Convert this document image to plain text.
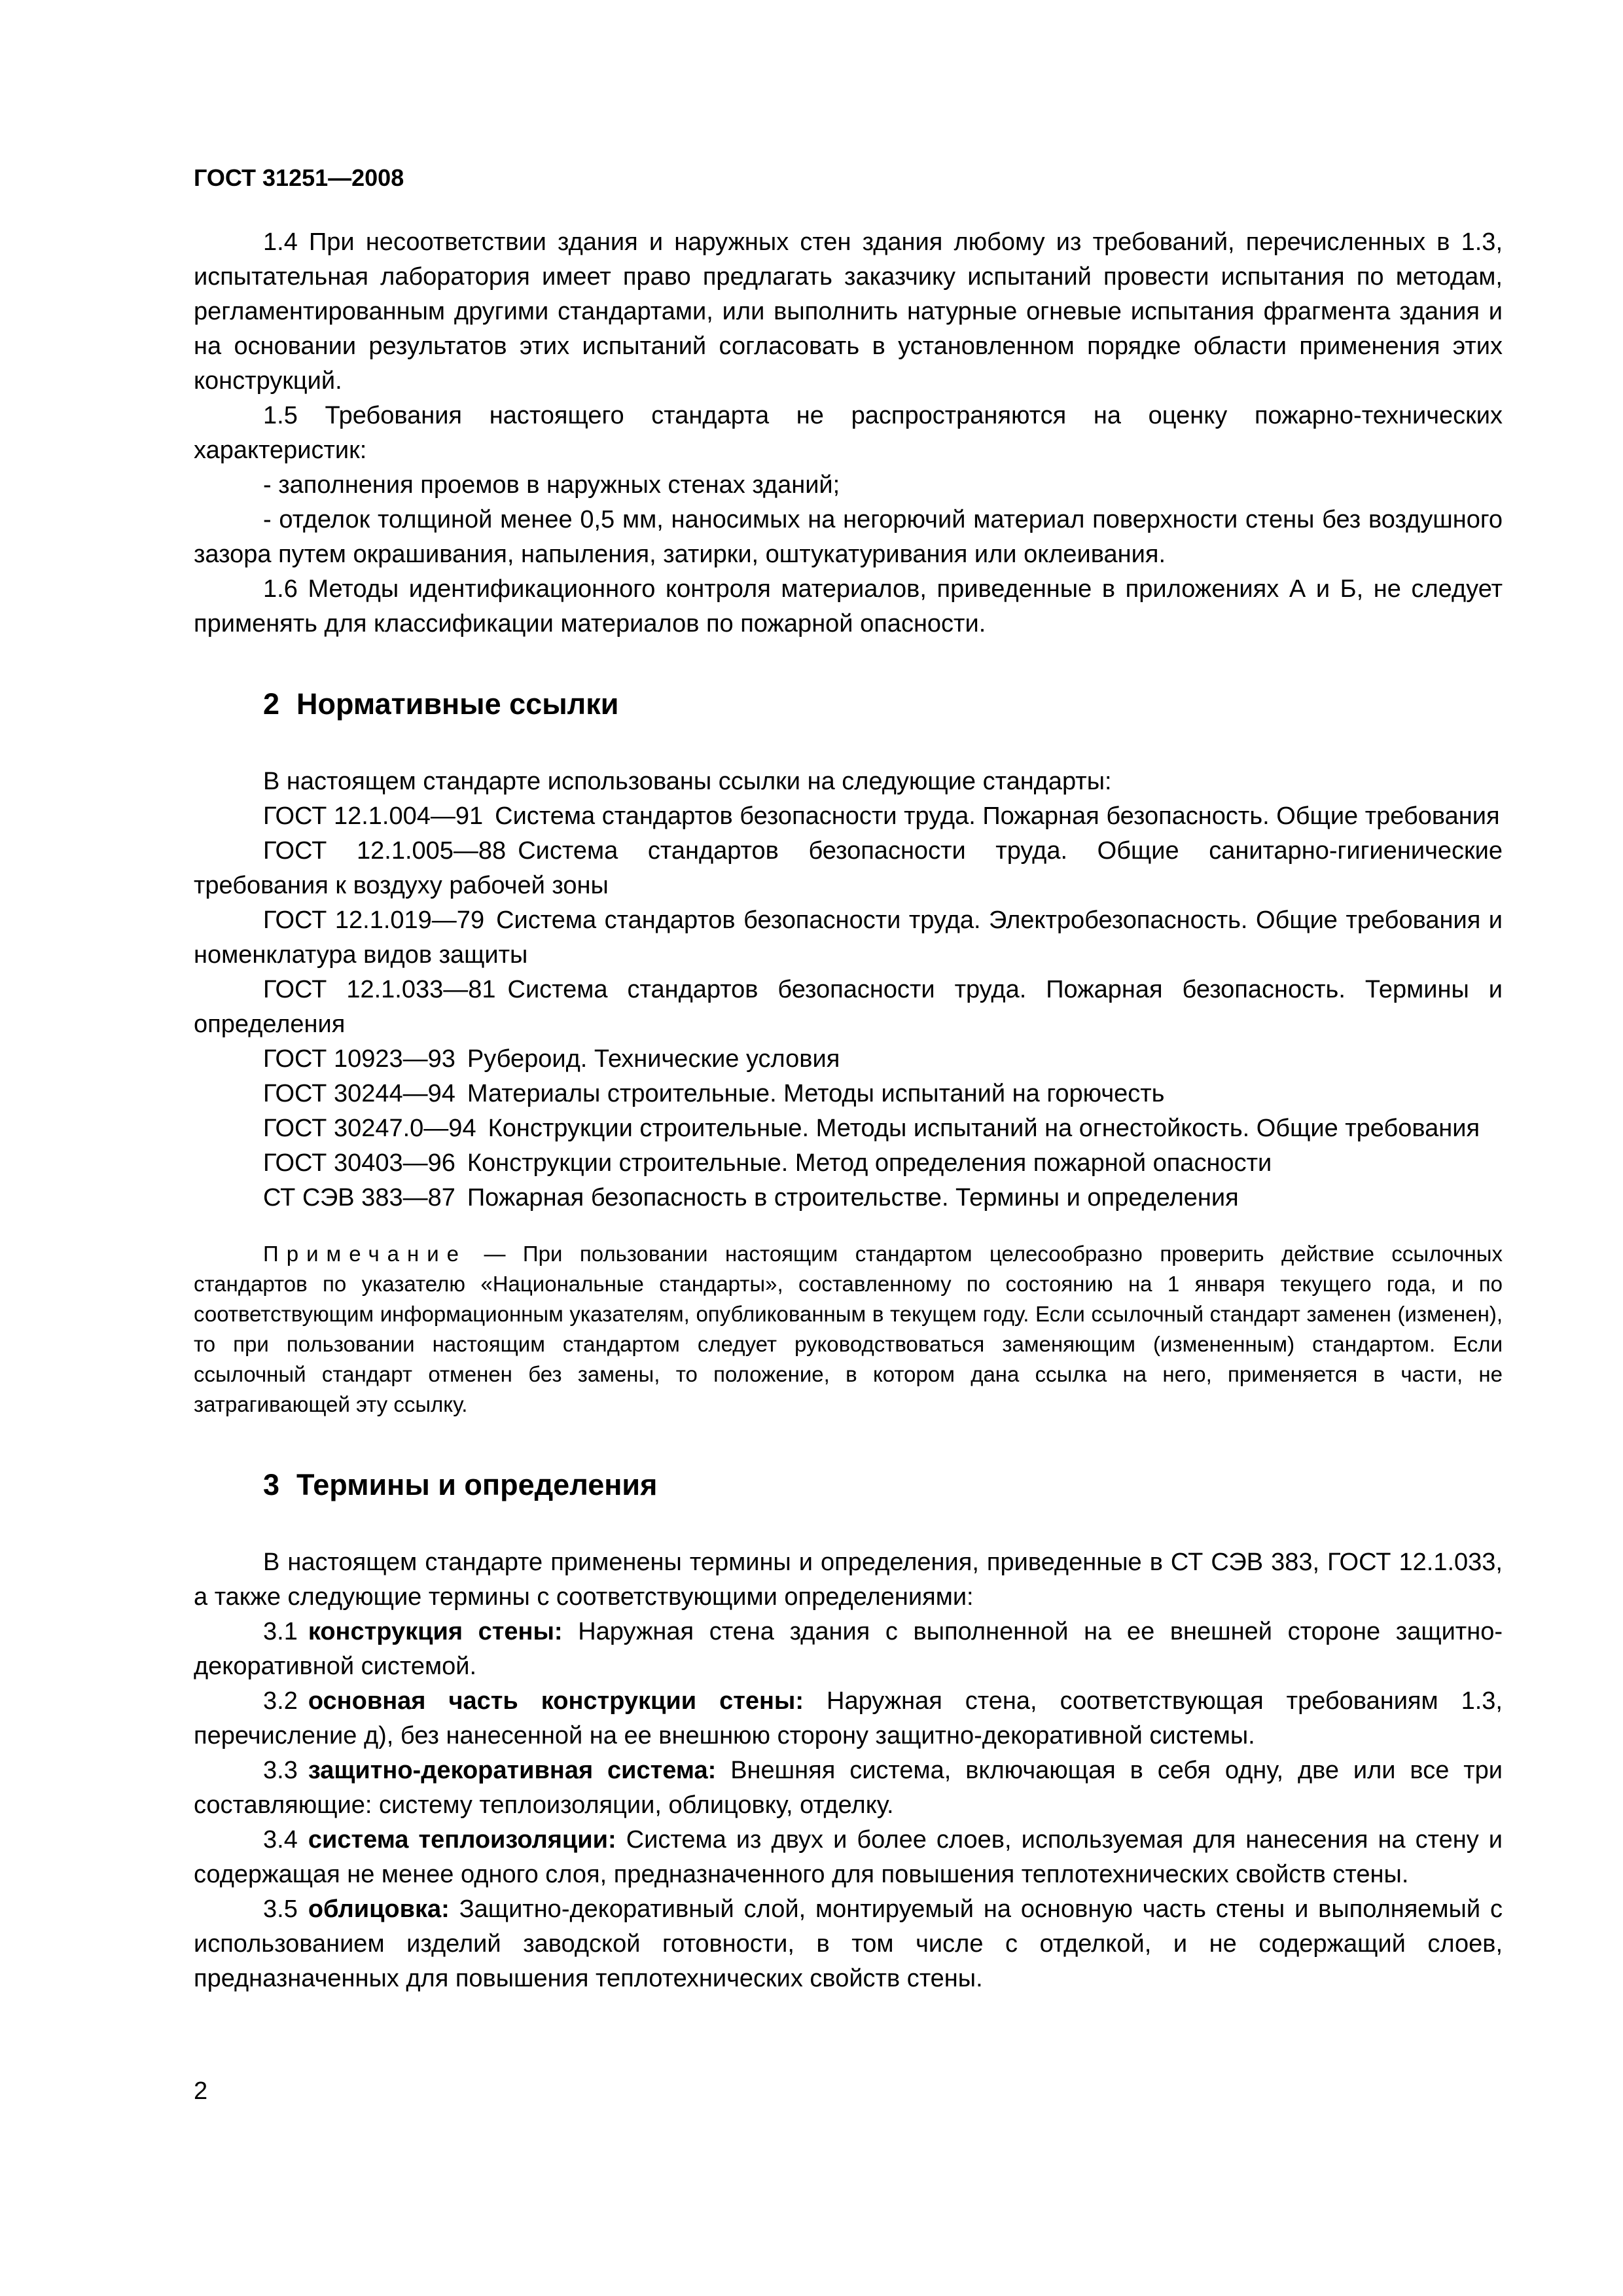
ГОСТ 31251—2008

1.4 При несоответствии здания и наружных стен здания любому из требований, перечисленных в 1.3, испытательная лаборатория имеет право предлагать заказчику испытаний провести испытания по методам, регламентированным другими стандартами, или выполнить натурные огневые испытания фрагмента здания и на основании результатов этих испытаний согласовать в установленном порядке области применения этих конструкций.

1.5 Требования настоящего стандарта не распространяются на оценку пожарно-технических характеристик:

- заполнения проемов в наружных стенах зданий;

- отделок толщиной менее 0,5 мм, наносимых на негорючий материал поверхности стены без воздушного зазора путем окрашивания, напыления, затирки, оштукатуривания или оклеивания.

1.6 Методы идентификационного контроля материалов, приведенные в приложениях А и Б, не следует применять для классификации материалов по пожарной опасности.

2 Нормативные ссылки

В настоящем стандарте использованы ссылки на следующие стандарты:

ГОСТ 12.1.004—91 Система стандартов безопасности труда. Пожарная безопасность. Общие требования

ГОСТ 12.1.005—88 Система стандартов безопасности труда. Общие санитарно-гигиенические требования к воздуху рабочей зоны

ГОСТ 12.1.019—79 Система стандартов безопасности труда. Электробезопасность. Общие требования и номенклатура видов защиты

ГОСТ 12.1.033—81 Система стандартов безопасности труда. Пожарная безопасность. Термины и определения

ГОСТ 10923—93 Рубероид. Технические условия

ГОСТ 30244—94 Материалы строительные. Методы испытаний на горючесть

ГОСТ 30247.0—94 Конструкции строительные. Методы испытаний на огнестойкость. Общие требования

ГОСТ 30403—96 Конструкции строительные. Метод определения пожарной опасности

СТ СЭВ 383—87 Пожарная безопасность в строительстве. Термины и определения

Примечание — При пользовании настоящим стандартом целесообразно проверить действие ссылочных стандартов по указателю «Национальные стандарты», составленному по состоянию на 1 января текущего года, и по соответствующим информационным указателям, опубликованным в текущем году. Если ссылочный стандарт заменен (изменен), то при пользовании настоящим стандартом следует руководствоваться заменяющим (измененным) стандартом. Если ссылочный стандарт отменен без замены, то положение, в котором дана ссылка на него, применяется в части, не затрагивающей эту ссылку.

3 Термины и определения

В настоящем стандарте применены термины и определения, приведенные в СТ СЭВ 383, ГОСТ 12.1.033, а также следующие термины с соответствующими определениями:

3.1 конструкция стены: Наружная стена здания с выполненной на ее внешней стороне защитно-декоративной системой.

3.2 основная часть конструкции стены: Наружная стена, соответствующая требованиям 1.3, перечисление д), без нанесенной на ее внешнюю сторону защитно-декоративной системы.

3.3 защитно-декоративная система: Внешняя система, включающая в себя одну, две или все три составляющие: систему теплоизоляции, облицовку, отделку.

3.4 система теплоизоляции: Система из двух и более слоев, используемая для нанесения на стену и содержащая не менее одного слоя, предназначенного для повышения теплотехнических свойств стены.

3.5 облицовка: Защитно-декоративный слой, монтируемый на основную часть стены и выполняемый с использованием изделий заводской готовности, в том числе с отделкой, и не содержащий слоев, предназначенных для повышения теплотехнических свойств стены.

2
